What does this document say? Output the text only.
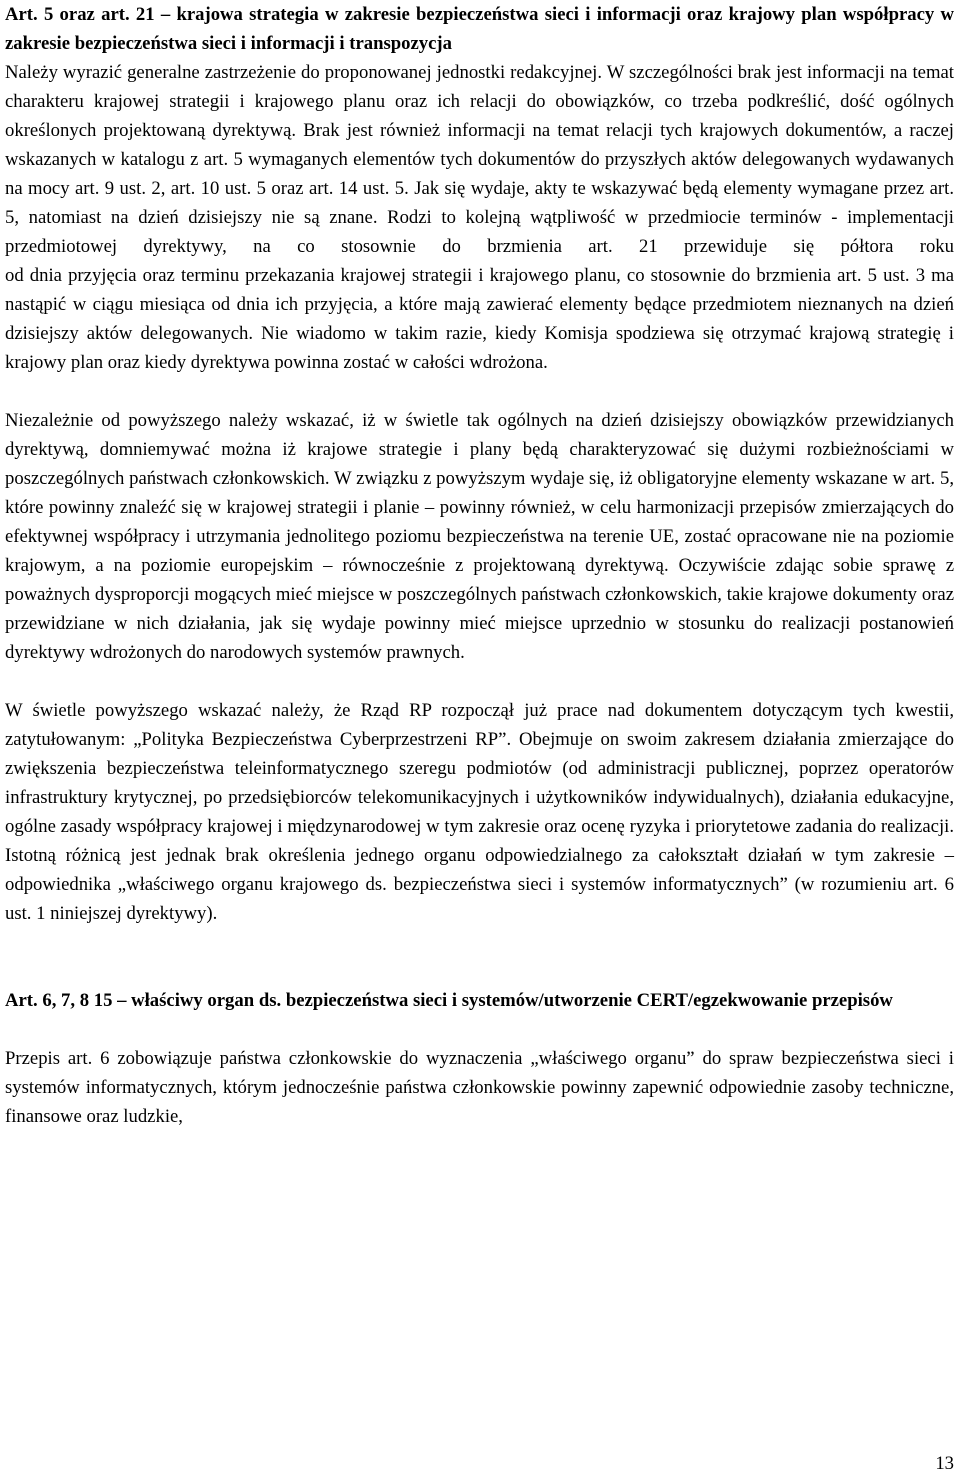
Art. 5 oraz art. 21 – krajowa strategia w zakresie bezpieczeństwa sieci i informacji oraz krajowy plan współpracy w zakresie bezpieczeństwa sieci i informacji i transpozycja

Należy wyrazić generalne zastrzeżenie do proponowanej jednostki redakcyjnej. W szczególności brak jest informacji na temat charakteru krajowej strategii i krajowego planu oraz ich relacji do obowiązków, co trzeba podkreślić, dość ogólnych określonych projektowaną dyrektywą. Brak jest również informacji na temat relacji tych krajowych dokumentów, a raczej wskazanych w katalogu z art. 5 wymaganych elementów tych dokumentów do przyszłych aktów delegowanych wydawanych na mocy art. 9 ust. 2, art. 10 ust. 5 oraz art. 14 ust. 5. Jak się wydaje, akty te wskazywać będą elementy wymagane przez art. 5, natomiast na dzień dzisiejszy nie są znane. Rodzi to kolejną wątpliwość w przedmiocie terminów - implementacji przedmiotowej dyrektywy, na co stosownie do brzmienia art. 21 przewiduje się półtora roku

od dnia przyjęcia oraz terminu przekazania krajowej strategii i krajowego planu, co stosownie do brzmienia art. 5 ust. 3 ma nastąpić w ciągu miesiąca od dnia ich przyjęcia, a które mają zawierać elementy będące przedmiotem nieznanych na dzień dzisiejszy aktów delegowanych. Nie wiadomo w takim razie, kiedy Komisja spodziewa się otrzymać krajową strategię i krajowy plan oraz kiedy dyrektywa powinna zostać w całości wdrożona.

Niezależnie od powyższego należy wskazać, iż w świetle tak ogólnych na dzień dzisiejszy obowiązków przewidzianych dyrektywą, domniemywać można iż krajowe strategie i plany będą charakteryzować się dużymi rozbieżnościami w poszczególnych państwach członkowskich. W związku z powyższym wydaje się, iż obligatoryjne elementy wskazane w art. 5, które powinny znaleźć się w krajowej strategii i planie – powinny również, w celu harmonizacji przepisów zmierzających do efektywnej współpracy i utrzymania jednolitego poziomu bezpieczeństwa na terenie UE, zostać opracowane nie na poziomie krajowym, a na poziomie europejskim – równocześnie z projektowaną dyrektywą. Oczywiście zdając sobie sprawę z poważnych dysproporcji mogących mieć miejsce w poszczególnych państwach członkowskich, takie krajowe dokumenty oraz przewidziane w nich działania, jak się wydaje powinny mieć miejsce uprzednio w stosunku do realizacji postanowień dyrektywy wdrożonych do narodowych systemów prawnych.

W świetle powyższego wskazać należy, że Rząd RP rozpoczął już prace nad dokumentem dotyczącym tych kwestii, zatytułowanym: „Polityka Bezpieczeństwa Cyberprzestrzeni RP”. Obejmuje on swoim zakresem działania zmierzające do zwiększenia bezpieczeństwa teleinformatycznego szeregu podmiotów (od administracji publicznej, poprzez operatorów infrastruktury krytycznej, po przedsiębiorców telekomunikacyjnych i użytkowników indywidualnych), działania edukacyjne, ogólne zasady współpracy krajowej i międzynarodowej w tym zakresie oraz ocenę ryzyka i priorytetowe zadania do realizacji. Istotną różnicą jest jednak brak określenia jednego organu odpowiedzialnego za całokształt działań w tym zakresie – odpowiednika „właściwego organu krajowego ds. bezpieczeństwa sieci i systemów informatycznych” (w rozumieniu art. 6 ust. 1 niniejszej dyrektywy).

Art. 6, 7, 8 15 – właściwy organ ds. bezpieczeństwa sieci i systemów/utworzenie CERT/egzekwowanie przepisów

Przepis art. 6 zobowiązuje państwa członkowskie do wyznaczenia „właściwego organu” do spraw bezpieczeństwa sieci i systemów informatycznych, którym jednocześnie państwa członkowskie powinny zapewnić odpowiednie zasoby techniczne, finansowe oraz ludzkie,

13
